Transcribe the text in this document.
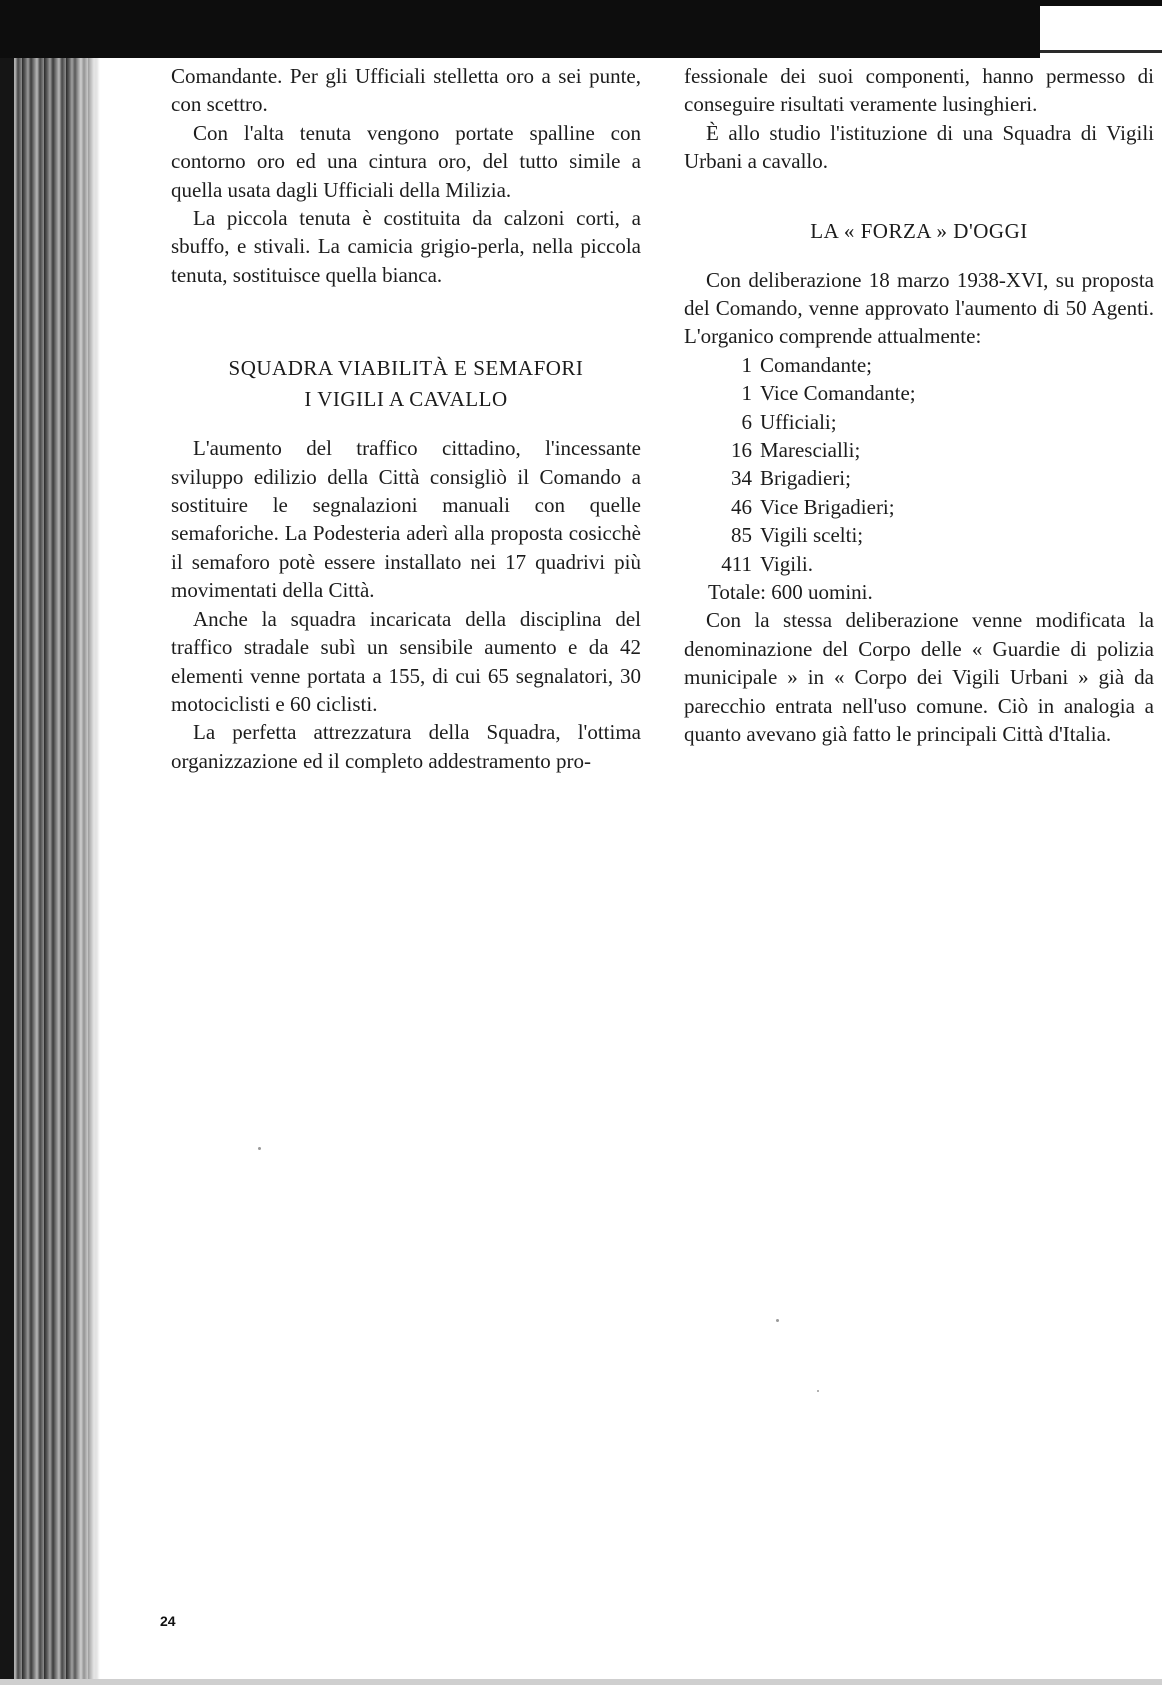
Comandante. Per gli Ufficiali stelletta oro a sei punte, con scettro.

Con l'alta tenuta vengono portate spalline con contorno oro ed una cintura oro, del tutto simile a quella usata dagli Ufficiali della Milizia.

La piccola tenuta è costituita da calzoni corti, a sbuffo, e stivali. La camicia grigio-perla, nella piccola tenuta, sostituisce quella bianca.

SQUADRA VIABILITÀ E SEMAFORI
I VIGILI A CAVALLO

L'aumento del traffico cittadino, l'incessante sviluppo edilizio della Città consigliò il Comando a sostituire le segnalazioni manuali con quelle semaforiche. La Podesteria aderì alla proposta cosicchè il semaforo potè essere installato nei 17 quadrivi più movimentati della Città.

Anche la squadra incaricata della disciplina del traffico stradale subì un sensibile aumento e da 42 elementi venne portata a 155, di cui 65 segnalatori, 30 motociclisti e 60 ciclisti.

La perfetta attrezzatura della Squadra, l'ottima organizzazione ed il completo addestramento pro-

fessionale dei suoi componenti, hanno permesso di conseguire risultati veramente lusinghieri.

È allo studio l'istituzione di una Squadra di Vigili Urbani a cavallo.

LA « FORZA » D'OGGI

Con deliberazione 18 marzo 1938-XVI, su proposta del Comando, venne approvato l'aumento di 50 Agenti. L'organico comprende attualmente:

1 Comandante;
1 Vice Comandante;
6 Ufficiali;
16 Marescialli;
34 Brigadieri;
46 Vice Brigadieri;
85 Vigili scelti;
411 Vigili.
Totale: 600 uomini.

Con la stessa deliberazione venne modificata la denominazione del Corpo delle « Guardie di polizia municipale » in « Corpo dei Vigili Urbani » già da parecchio entrata nell'uso comune. Ciò in analogia a quanto avevano già fatto le principali Città d'Italia.

24
